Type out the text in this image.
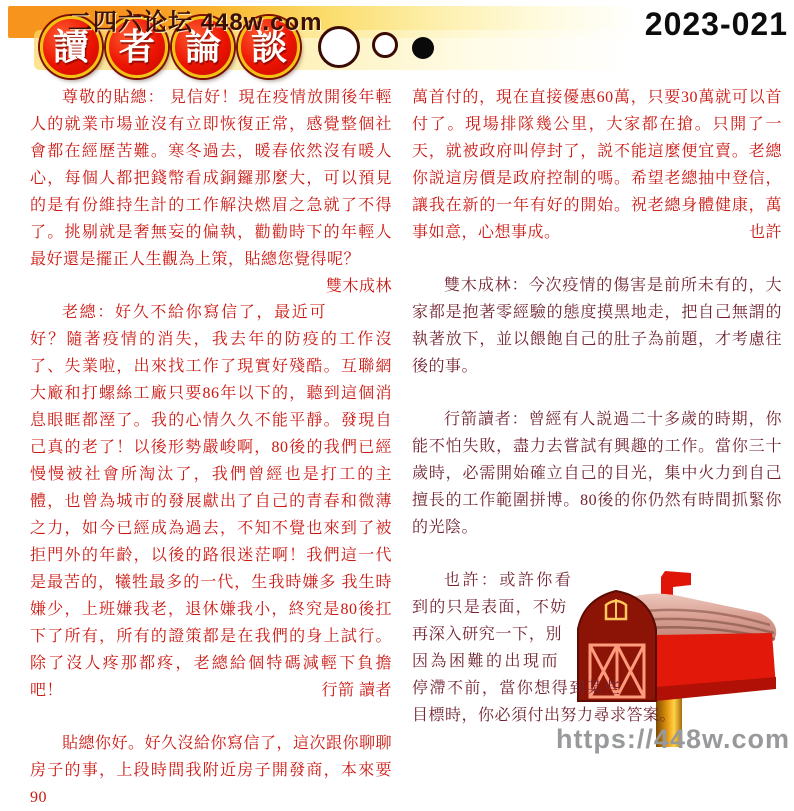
二四六论坛 448w.com	2023-021
讀 者 論 談

尊敬的貼總： 見信好！現在疫情放開後年輕人的就業市場並沒有立即恢復正常，感覺整個社會都在經歷苦難。寒冬過去，暖春依然沒有暖人心，每個人都把錢幣看成銅鑼那麼大，可以預見的是有份維持生計的工作解決燃眉之急就了不得了。挑剔就是奢無妄的偏執，勸勸時下的年輕人最好還是擺正人生觀為上策，貼總您覺得呢？
雙木成林

老總：好久不給你寫信了，最近可好？隨著疫情的消失，我去年的防疫的工作沒了、失業啦，出來找工作了現實好殘酷。互聯網大廠和打螺絲工廠只要86年以下的，聽到這個消息眼眶都溼了。我的心情久久不能平靜。發現自己真的老了！以後形勢嚴峻啊，80後的我們已經慢慢被社會所淘汰了，我們曾經也是打工的主體，也曾為城市的發展獻出了自己的青春和微薄之力，如今已經成為過去，不知不覺也來到了被拒門外的年齡，以後的路很迷茫啊！我們這一代是最苦的，犧牲最多的一代，生我時嫌多 我生時嫌少，上班嫌我老，退休嫌我小，終究是80後扛下了所有，所有的證策都是在我們的身上試行。除了沒人疼那都疼，老總給個特碼減輕下負擔吧！	行箭 讀者

貼總你好。好久沒給你寫信了，這次跟你聊聊房子的事，上段時間我附近房子開發商，本來要90

萬首付的，現在直接優惠60萬，只要30萬就可以首付了。現場排隊幾公里，大家都在搶。只開了一天，就被政府叫停封了，説不能這麼便宜賣。老總你説這房價是政府控制的嗎。希望老總抽中登信，讓我在新的一年有好的開始。祝老總身體健康，萬事如意，心想事成。	也許

雙木成林：今次疫情的傷害是前所未有的，大家都是抱著零經驗的態度摸黑地走，把自己無謂的執著放下，並以餵飽自己的肚子為前題，才考慮往後的事。

行箭讀者：曾經有人説過二十多歲的時期，你能不怕失敗，盡力去嘗試有興趣的工作。當你三十歲時，必需開始確立自己的目光，集中火力到自己擅長的工作範圍拼博。80後的你仍然有時間抓緊你的光陰。

也許：或許你看到的只是表面，不妨再深入研究一下，別因為困難的出現而停滯不前，當你想得到某些目標時，你必須付出努力尋求答案。

https://448w.com
